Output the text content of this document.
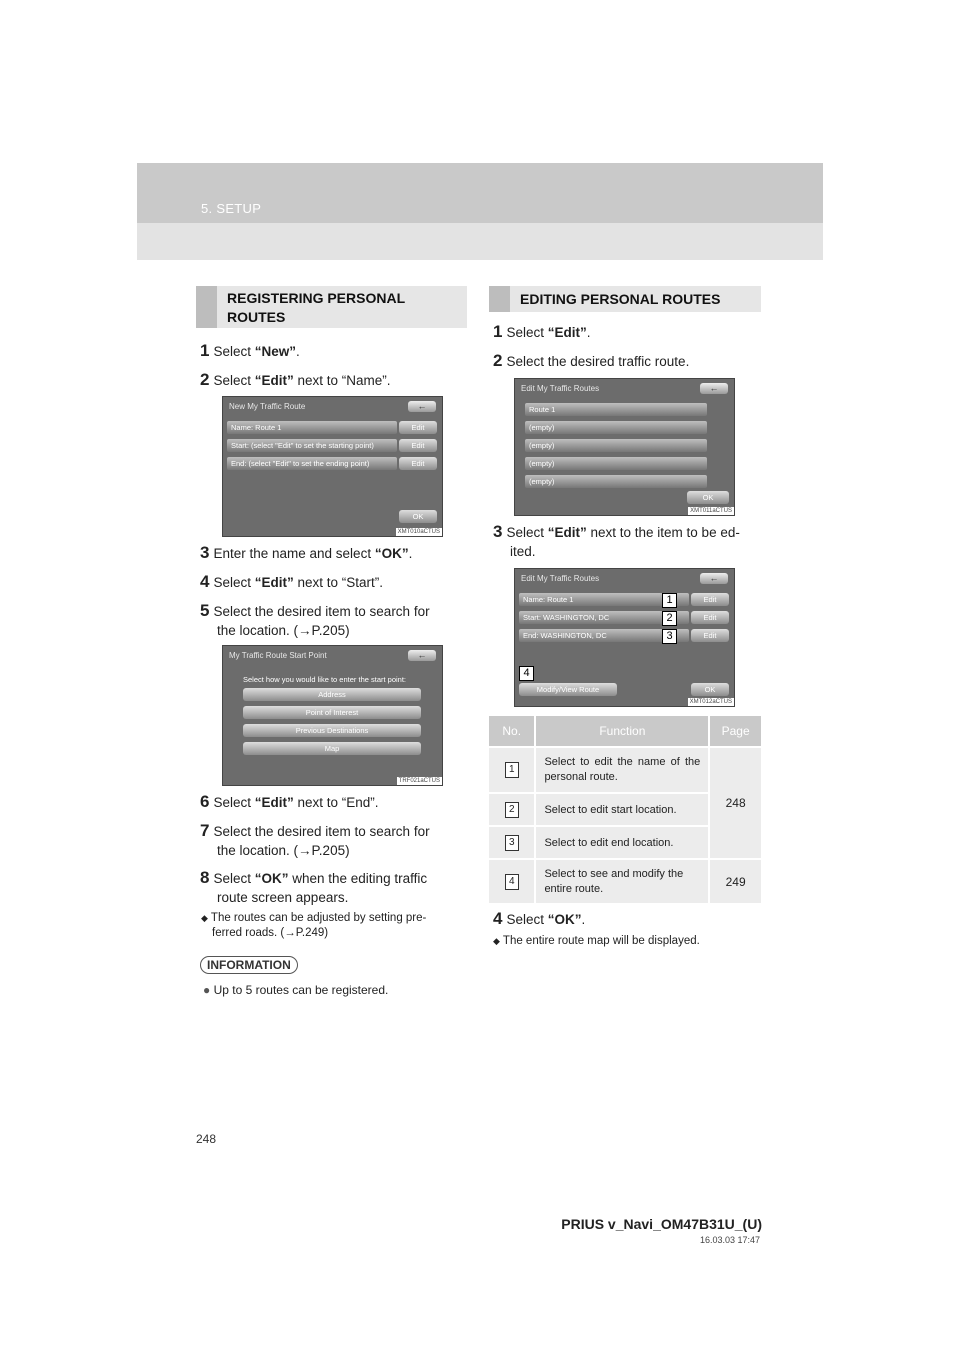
5. SETUP
REGISTERING PERSONAL ROUTES
1 Select “New”.
2 Select “Edit” next to “Name”.
New My Traffic Route	←
Name: Route 1	Edit
Start: (select "Edit" to set the starting point)	Edit
End: (select "Edit" to set the ending point)	Edit
OK
XMT010aCTUS
3 Enter the name and select “OK”.
4 Select “Edit” next to “Start”.
5 Select the desired item to search for
the location. (→P.205)
My Traffic Route Start Point	←
Select how you would like to enter the start point:
Address
Point of Interest
Previous Destinations
Map
TRF021aCTUS
6 Select “Edit” next to “End”.
7 Select the desired item to search for
the location. (→P.205)
8 Select “OK” when the editing traffic
route screen appears.
◆ The routes can be adjusted by setting pre-
ferred roads. (→P.249)
INFORMATION
● Up to 5 routes can be registered.
EDITING PERSONAL ROUTES
1 Select “Edit”.
2 Select the desired traffic route.
Edit My Traffic Routes	←
Route 1
(empty)
(empty)
(empty)
(empty)
OK
XMT011aCTUS
3 Select “Edit” next to the item to be ed-
ited.
Edit My Traffic Routes	←
Name: Route 1	Edit
Start: WASHINGTON, DC	Edit
End: WASHINGTON, DC	Edit
Modify/View Route	OK
XMT012aCTUS
1
2
3
4
No.	Function	Page
1	Select to edit the name of the personal route.	248
2	Select to edit start location.	
3	Select to edit end location.	
4	Select to see and modify the entire route.	249
4 Select “OK”.
◆ The entire route map will be displayed.
248
PRIUS v_Navi_OM47B31U_(U)
16.03.03 17:47
